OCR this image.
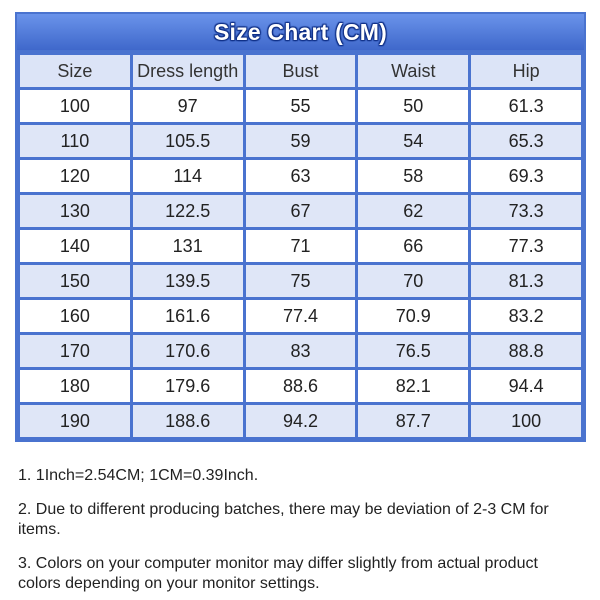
Size Chart (CM)
Size	Dress length	Bust	Waist	Hip
100	97	55	50	61.3
110	105.5	59	54	65.3
120	114	63	58	69.3
130	122.5	67	62	73.3
140	131	71	66	77.3
150	139.5	75	70	81.3
160	161.6	77.4	70.9	83.2
170	170.6	83	76.5	88.8
180	179.6	88.6	82.1	94.4
190	188.6	94.2	87.7	100
1. 1Inch=2.54CM; 1CM=0.39Inch.
2. Due to different producing batches, there may be deviation of 2-3 CM for items.
3. Colors on your computer monitor may differ slightly from actual product colors depending on your monitor settings.
